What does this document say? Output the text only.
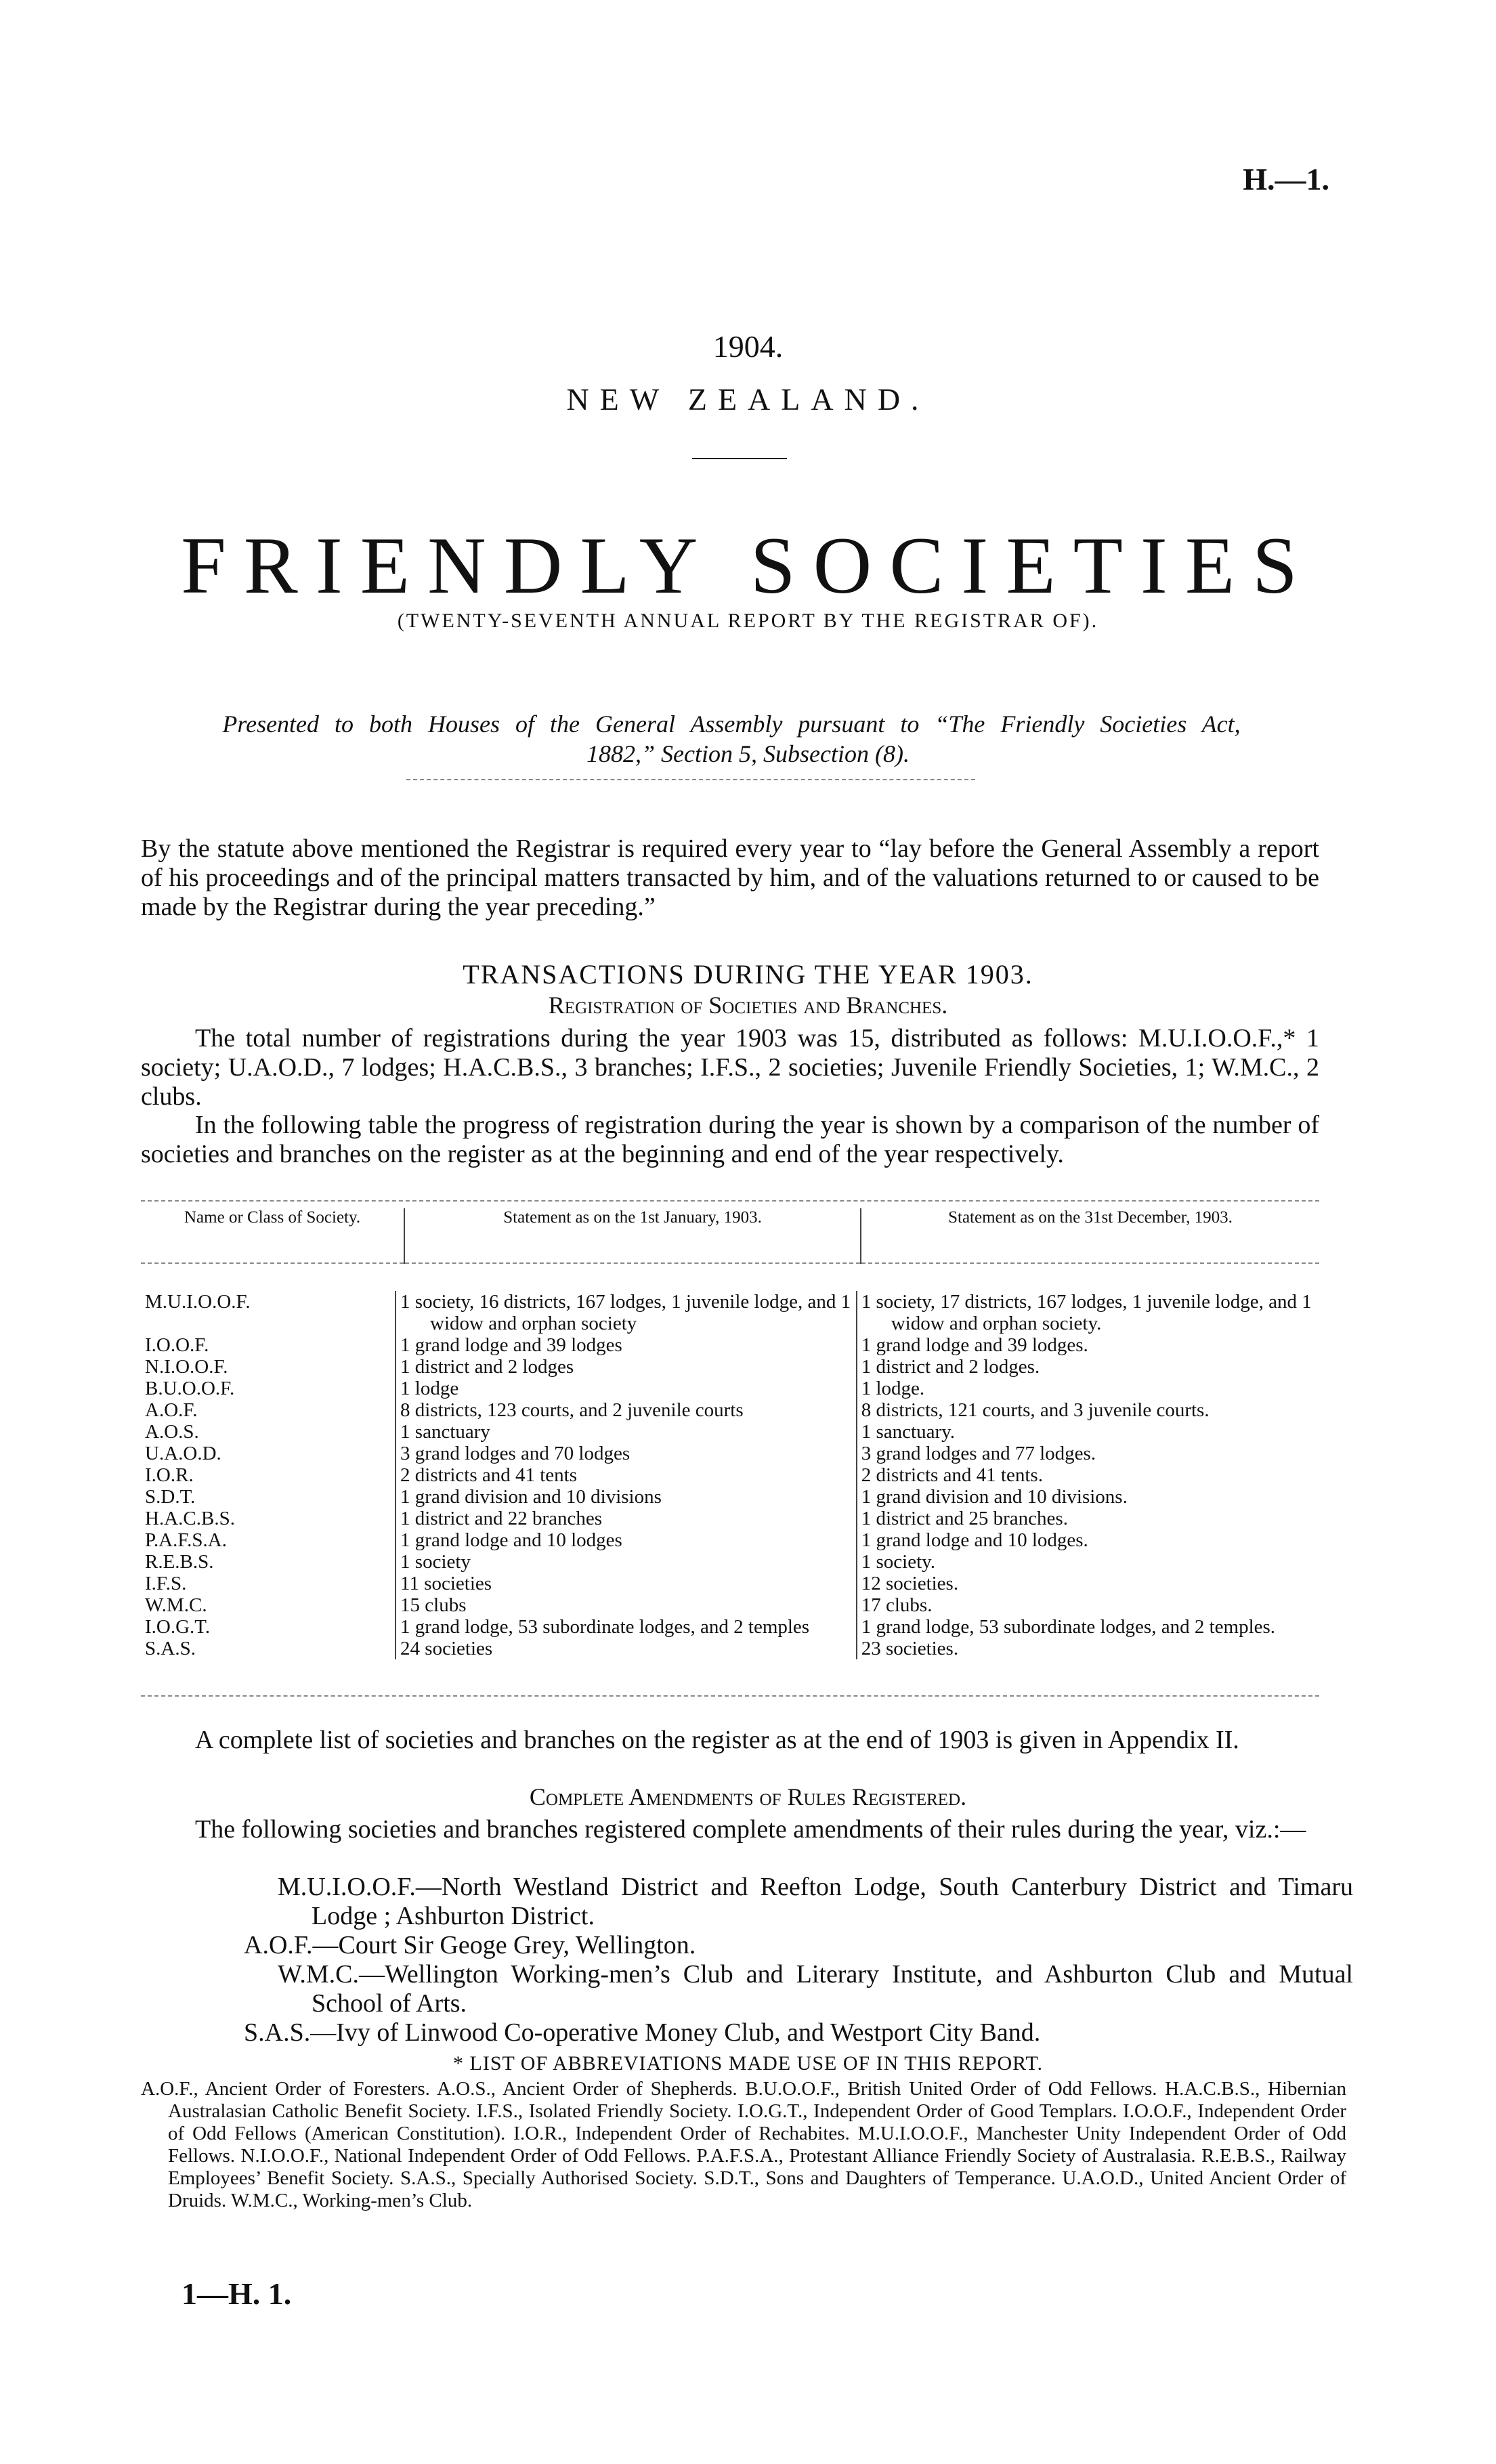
H.—1.
1904.
NEW ZEALAND.
FRIENDLY SOCIETIES
(TWENTY-SEVENTH ANNUAL REPORT BY THE REGISTRAR OF).
Presented to both Houses of the General Assembly pursuant to “The Friendly Societies Act,
1882,” Section 5, Subsection (8).
By the statute above mentioned the Registrar is required every year to “lay before the General Assembly a report of his proceedings and of the principal matters transacted by him, and of the valuations returned to or caused to be made by the Registrar during the year preceding.”
TRANSACTIONS DURING THE YEAR 1903.
Registration of Societies and Branches.
The total number of registrations during the year 1903 was 15, distributed as follows: M.U.I.O.O.F.,* 1 society; U.A.O.D., 7 lodges; H.A.C.B.S., 3 branches; I.F.S., 2 societies; Juvenile Friendly Societies, 1; W.M.C., 2 clubs.
In the following table the progress of registration during the year is shown by a comparison of the number of societies and branches on the register as at the beginning and end of the year respectively.
Name or Class of Society.	Statement as on the 1st January, 1903.	Statement as on the 31st December, 1903.

M.U.I.O.O.F.	1 society, 16 districts, 167 lodges, 1 juvenile lodge, and 1 widow and orphan society	1 society, 17 districts, 167 lodges, 1 juvenile lodge, and 1 widow and orphan society.
I.O.O.F.	1 grand lodge and 39 lodges	1 grand lodge and 39 lodges.
N.I.O.O.F.	1 district and 2 lodges	1 district and 2 lodges.
B.U.O.O.F.	1 lodge	1 lodge.
A.O.F.	8 districts, 123 courts, and 2 juvenile courts	8 districts, 121 courts, and 3 juvenile courts.
A.O.S.	1 sanctuary	1 sanctuary.
U.A.O.D.	3 grand lodges and 70 lodges	3 grand lodges and 77 lodges.
I.O.R.	2 districts and 41 tents	2 districts and 41 tents.
S.D.T.	1 grand division and 10 divisions	1 grand division and 10 divisions.
H.A.C.B.S.	1 district and 22 branches	1 district and 25 branches.
P.A.F.S.A.	1 grand lodge and 10 lodges	1 grand lodge and 10 lodges.
R.E.B.S.	1 society	1 society.
I.F.S.	11 societies	12 societies.
W.M.C.	15 clubs	17 clubs.
I.O.G.T.	1 grand lodge, 53 subordinate lodges, and 2 temples	1 grand lodge, 53 subordinate lodges, and 2 temples.
S.A.S.	24 societies	23 societies.
A complete list of societies and branches on the register as at the end of 1903 is given in Appendix II.
Complete Amendments of Rules Registered.
The following societies and branches registered complete amendments of their rules during the year, viz.:—
M.U.I.O.O.F.—North Westland District and Reefton Lodge, South Canterbury District and Timaru Lodge ; Ashburton District.
A.O.F.—Court Sir Geoge Grey, Wellington.
W.M.C.—Wellington Working-men’s Club and Literary Institute, and Ashburton Club and Mutual School of Arts.
S.A.S.—Ivy of Linwood Co-operative Money Club, and Westport City Band.
* LIST OF ABBREVIATIONS MADE USE OF IN THIS REPORT.
A.O.F., Ancient Order of Foresters. A.O.S., Ancient Order of Shepherds. B.U.O.O.F., British United Order of Odd Fellows. H.A.C.B.S., Hibernian Australasian Catholic Benefit Society. I.F.S., Isolated Friendly Society. I.O.G.T., Independent Order of Good Templars. I.O.O.F., Independent Order of Odd Fellows (American Constitution). I.O.R., Independent Order of Rechabites. M.U.I.O.O.F., Manchester Unity Independent Order of Odd Fellows. N.I.O.O.F., National Independent Order of Odd Fellows. P.A.F.S.A., Protestant Alliance Friendly Society of Australasia. R.E.B.S., Railway Employees’ Benefit Society. S.A.S., Specially Authorised Society. S.D.T., Sons and Daughters of Temperance. U.A.O.D., United Ancient Order of Druids. W.M.C., Working-men’s Club.
1—H. 1.
